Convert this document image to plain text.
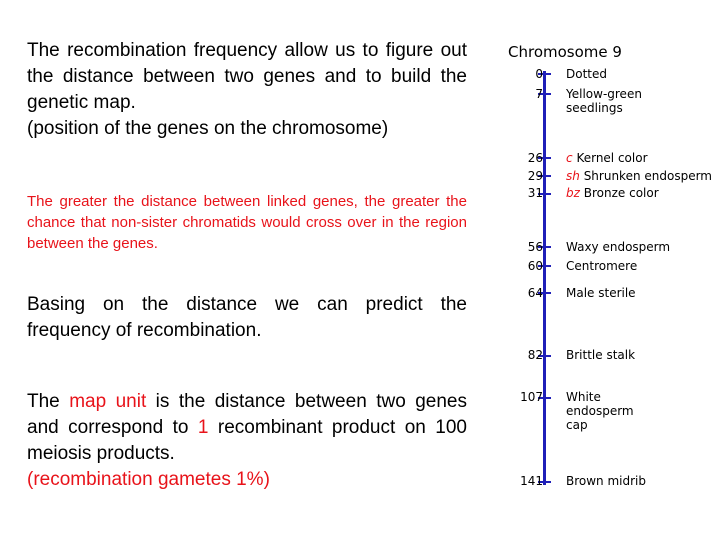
The recombination frequency allow us to figure out the distance between two genes and to build the genetic map.
(position of the genes on the chromosome)

The greater the distance between linked genes, the greater the chance that non-sister chromatids would cross over in the region between the genes.

Basing on the distance we can predict the frequency of recombination.

The map unit is the distance between two genes and correspond to 1 recombinant product on 100 meiosis products.
(recombination gametes 1%)

Chromosome 9
0
7
26
29
31
56
60
64
82
107
141
Dotted
Yellow-green
seedlings
c Kernel color
sh Shrunken endosperm
bz Bronze color
Waxy endosperm
Centromere
Male sterile
Brittle stalk
White
endosperm
cap
Brown midrib
